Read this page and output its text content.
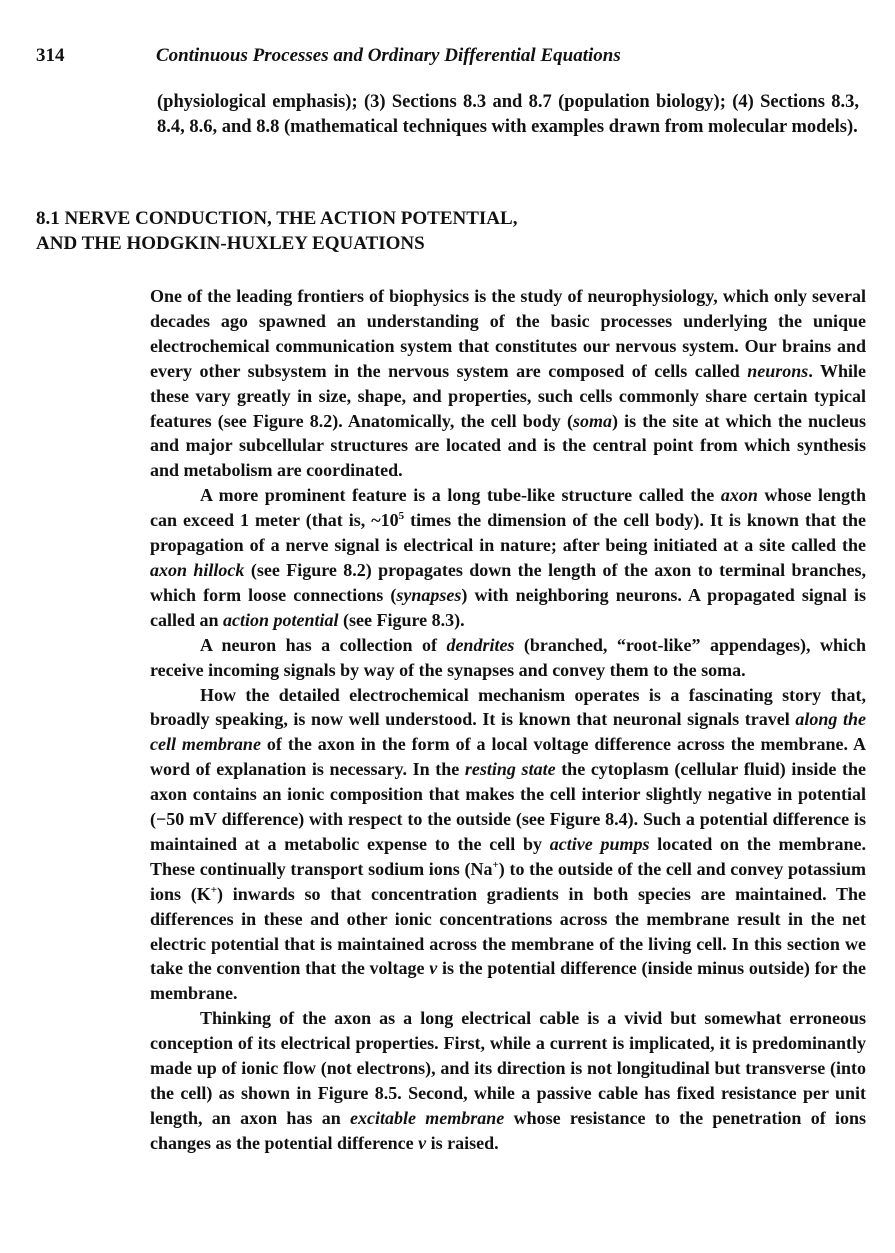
314	Continuous Processes and Ordinary Differential Equations
(physiological emphasis); (3) Sections 8.3 and 8.7 (population biology); (4) Sections 8.3, 8.4, 8.6, and 8.8 (mathematical techniques with examples drawn from molecular models).
8.1 NERVE CONDUCTION, THE ACTION POTENTIAL,
AND THE HODGKIN-HUXLEY EQUATIONS

One of the leading frontiers of biophysics is the study of neurophysiology, which only several decades ago spawned an understanding of the basic processes underlying the unique electrochemical communication system that constitutes our nervous system. Our brains and every other subsystem in the nervous system are composed of cells called neurons. While these vary greatly in size, shape, and properties, such cells commonly share certain typical features (see Figure 8.2). Anatomically, the cell body (soma) is the site at which the nucleus and major subcellular structures are located and is the central point from which synthesis and metabolism are coordinated.

A more prominent feature is a long tube-like structure called the axon whose length can exceed 1 meter (that is, $\sim 10^5$ times the dimension of the cell body). It is known that the propagation of a nerve signal is electrical in nature; after being initiated at a site called the axon hillock (see Figure 8.2) propagates down the length of the axon to terminal branches, which form loose connections (synapses) with neighboring neurons. A propagated signal is called an action potential (see Figure 8.3).

A neuron has a collection of dendrites (branched, “root-like” appendages), which receive incoming signals by way of the synapses and convey them to the soma.

How the detailed electrochemical mechanism operates is a fascinating story that, broadly speaking, is now well understood. It is known that neuronal signals travel along the cell membrane of the axon in the form of a local voltage difference across the membrane. A word of explanation is necessary. In the resting state the cytoplasm (cellular fluid) inside the axon contains an ionic composition that makes the cell interior slightly negative in potential (−50 mV difference) with respect to the outside (see Figure 8.4). Such a potential difference is maintained at a metabolic expense to the cell by active pumps located on the membrane. These continually transport sodium ions (Na+) to the outside of the cell and convey potassium ions (K+) inwards so that concentration gradients in both species are maintained. The differences in these and other ionic concentrations across the membrane result in the net electric potential that is maintained across the membrane of the living cell. In this section we take the convention that the voltage v is the potential difference (inside minus outside) for the membrane.

Thinking of the axon as a long electrical cable is a vivid but somewhat erroneous conception of its electrical properties. First, while a current is implicated, it is predominantly made up of ionic flow (not electrons), and its direction is not longitudinal but transverse (into the cell) as shown in Figure 8.5. Second, while a passive cable has fixed resistance per unit length, an axon has an excitable membrane whose resistance to the penetration of ions changes as the potential difference v is raised.
